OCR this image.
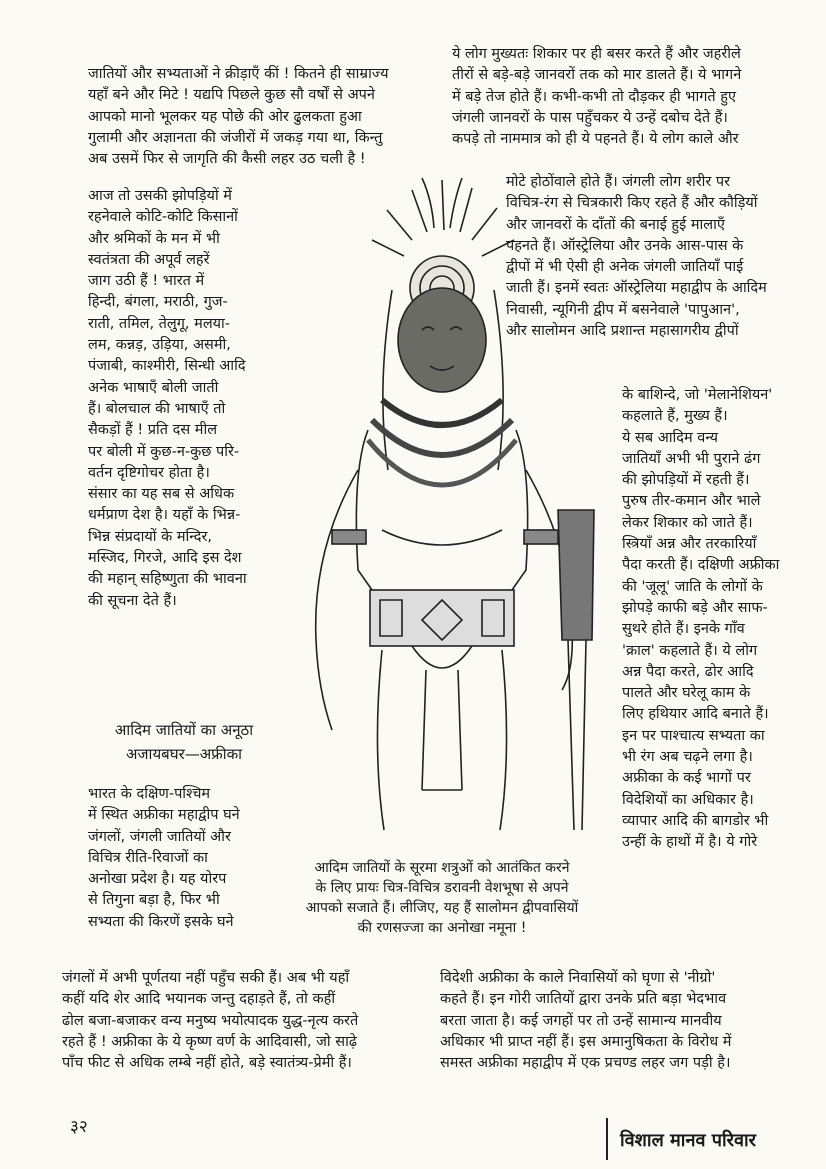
जातियों और सभ्यताओं ने क्रीड़ाएँ कीं ! कितने ही साम्राज्य
यहाँ बने और मिटे ! यद्यपि पिछले कुछ सौ वर्षों से अपने
आपको मानो भूलकर यह पोछे की ओर ढुलकता हुआ
गुलामी और अज्ञानता की जंजीरों में जकड़ गया था, किन्तु
अब उसमें फिर से जागृति की कैसी लहर उठ चली है !
आज तो उसकी झोपड़ियों में
रहनेवाले कोटि-कोटि किसानों
और श्रमिकों के मन में भी
स्वतंत्रता की अपूर्व लहरें
जाग उठी हैं ! भारत में
हिन्दी, बंगला, मराठी, गुज-
राती, तमिल, तेलुगू, मलया-
लम, कन्नड़, उड़िया, असमी,
पंजाबी, काश्मीरी, सिन्धी आदि
अनेक भाषाएँ बोली जाती
हैं। बोलचाल की भाषाएँ तो
सैकड़ों हैं ! प्रति दस मील
पर बोली में कुछ-न-कुछ परि-
वर्तन दृष्टिगोचर होता है।
संसार का यह सब से अधिक
धर्मप्राण देश है। यहाँ के भिन्न-
भिन्न संप्रदायों के मन्दिर,
मस्जिद, गिरजे, आदि इस देश
की महान् सहिष्णुता की भावना
की सूचना देते हैं।
आदिम जातियों का अनूठा
अजायबघर—अफ्रीका
भारत के दक्षिण-पश्चिम
में स्थित अफ्रीका महाद्वीप घने
जंगलों, जंगली जातियों और
विचित्र रीति-रिवाजों का
अनोखा प्रदेश है। यह योरप
से तिगुना बड़ा है, फिर भी
सभ्यता की किरणें इसके घने
जंगलों में अभी पूर्णतया नहीं पहुँच सकी हैं। अब भी यहाँ
कहीं यदि शेर आदि भयानक जन्तु दहाड़ते हैं, तो कहीं
ढोल बजा-बजाकर वन्य मनुष्य भयोत्पादक युद्ध-नृत्य करते
रहते हैं ! अफ्रीका के ये कृष्ण वर्ण के आदिवासी, जो साढ़े
पाँच फीट से अधिक लम्बे नहीं होते, बड़े स्वातंत्र्य-प्रेमी हैं।
ये लोग मुख्यतः शिकार पर ही बसर करते हैं और जहरीले
तीरों से बड़े-बड़े जानवरों तक को मार डालते हैं। ये भागने
में बड़े तेज होते हैं। कभी-कभी तो दौड़कर ही भागते हुए
जंगली जानवरों के पास पहुँचकर ये उन्हें दबोच देते हैं।
कपड़े तो नाममात्र को ही ये पहनते हैं। ये लोग काले और
मोटे होठोंवाले होते हैं। जंगली लोग शरीर पर
विचित्र-रंग से चित्रकारी किए रहते हैं और कौड़ियों
और जानवरों के दाँतों की बनाई हुई मालाएँ
पहनते हैं। ऑस्ट्रेलिया और उनके आस-पास के
द्वीपों में भी ऐसी ही अनेक जंगली जातियाँ पाई
जाती हैं। इनमें स्वतः ऑस्ट्रेलिया महाद्वीप के आदिम
निवासी, न्यूगिनी द्वीप में बसनेवाले 'पापुआन',
और सालोमन आदि प्रशान्त महासागरीय द्वीपों
के बाशिन्दे, जो 'मेलानेशियन'
कहलाते हैं, मुख्य हैं।
ये सब आदिम वन्य
जातियाँ अभी भी पुराने ढंग
की झोपड़ियों में रहती हैं।
पुरुष तीर-कमान और भाले
लेकर शिकार को जाते हैं।
स्त्रियाँ अन्न और तरकारियाँ
पैदा करती हैं। दक्षिणी अफ्रीका
की 'जूलू' जाति के लोगों के
झोपड़े काफी बड़े और साफ-
सुथरे होते हैं। इनके गाँव
'क्राल' कहलाते हैं। ये लोग
अन्न पैदा करते, ढोर आदि
पालते और घरेलू काम के
लिए हथियार आदि बनाते हैं।
इन पर पाश्चात्य सभ्यता का
भी रंग अब चढ़ने लगा है।
अफ्रीका के कई भागों पर
विदेशियों का अधिकार है।
व्यापार आदि की बागडोर भी
उन्हीं के हाथों में है। ये गोरे
विदेशी अफ्रीका के काले निवासियों को घृणा से 'नीग्रो'
कहते हैं। इन गोरी जातियों द्वारा उनके प्रति बड़ा भेदभाव
बरता जाता है। कई जगहों पर तो उन्हें सामान्य मानवीय
अधिकार भी प्राप्त नहीं हैं। इस अमानुषिकता के विरोध में
समस्त अफ्रीका महाद्वीप में एक प्रचण्ड लहर जग पड़ी है।
आदिम जातियों के सूरमा शत्रुओं को आतंकित करने
के लिए प्रायः चित्र-विचित्र डरावनी वेशभूषा से अपने
आपको सजाते हैं। लीजिए, यह हैं सालोमन द्वीपवासियों
की रणसज्जा का अनोखा नमूना !
३२
विशाल मानव परिवार
